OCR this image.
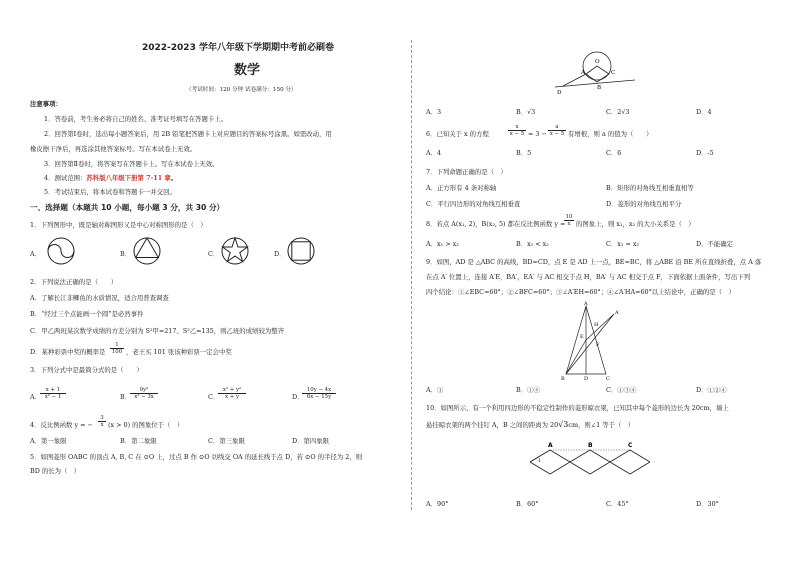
2022-2023 学年八年级下学期期中考前必刷卷
数学
（考试时间：120 分钟 试卷满分：150 分）
注意事项：
1．答卷前，考生务必将自己的姓名、准考证号填写在答题卡上。
2．回答第Ⅰ卷时，选出每小题答案后，用 2B 铅笔把答题卡上对应题目的答案标号涂黑。如需改动，用
橡皮擦干净后，再选涂其他答案标号。写在本试卷上无效。
3．回答第Ⅱ卷时，将答案写在答题卡上。写在本试卷上无效。
4．测试范围：苏科版八年级下册第 7-11 章。
5．考试结束后，将本试卷和答题卡一并交回。
一、选择题（本题共 10 小题，每小题 3 分，共 30 分）
1．下列图形中，既是轴对称图形又是中心对称图形的是（　）
A．	B．	C．	D．
2．下列说法正确的是（　　）
A．了解长江非鲫鱼的水质情况，适合用普查调查
B．“经过三个点能画一个圆”是必然事件
C．甲乙两班某次数学成绩的方差分别为 S²甲=217、S²乙=135，则乙班的成绩较为整齐
D．某种彩票中奖的概率是 $\frac{1}{100}$ ，老王买 101 张该种彩票一定会中奖
3．下列分式中是最简分式的是（　　）
A．
$\frac{x + 1}{\text{x² − 1}}$	B．
$\frac{\text{9y²}}{\text{x² − 3x}}$	C．
$\frac{\text{x² + y²}}{x + y}$	D．
$\frac{10y - 4x}{6x - 15y}$
4．反比例函数 y = − $\frac{3}{x} (x > 0)$ 的图象位于（　）
A．第一象限	B．第二象限	C．第三象限	D．第四象限
5．如图菱形 OABC 的顶点 A, B, C 在 ⊙O 上，过点 B 作 ⊙O 切线交 OA 的延长线于点 D，若 ⊙O 的半径为 2，则
BD 的长为（　）
A
B
O
C
D
A．3	B．√3	C．2√3	D．4
6．已知关于 x 的方程	$\frac{x}{x - 5} = 3 - \frac{a}{x - 5}$ 有增根，则 a 的值为（　　）
A．4	B．5	C．6	D．-5
7．下列命题正确的是（　）
A．正方形有 4 条对称轴	B．矩形的对角线互相垂直相等
C．平行四边形的对角线互相垂直	D．菱形的对角线互相平分
8．若点 A(x₁, 2)，B(x₂, 5) 都在反比例函数 y =
$\frac{10}{x}$ 的图象上，则 x₁，x₂ 的大小关系是（　）
A．x₁ > x₂	B．x₁ < x₂	C．x₁ = x₂	D．不能确定
9．如图，AD 是 △ABC 的高线，BD=CD，点 E 是 AD 上一点，BE=BC，将 △ABE 沿 BE 所在直线折叠，点 A 落
在点 A′ 位置上，连接 A′E，BA′，EA′ 与 AC 相交于点 H，BA′ 与 AC 相交于点 F，下面依据上面条件，写出下列
四个结论：①∠EBC=60°；②∠BFC=60°；③∠A′EH=60°；④∠A′HA=60°以上结论中，正确的是（　）
A
A′
H
E
F
B	D	C
A．①	B．①④	C．①③④	D．①②④
10．如图所示，有一个利用四边形的不稳定性制作的菱形晾衣架，已知其中每个菱形的边长为 20cm，墙上
悬挂晾衣架的两个挂钉 A，B 之间的距离为 20√3cm，则∠1 等于（　）
A	B	C
1
A．90°	B．60°	C．45°	D．30°
